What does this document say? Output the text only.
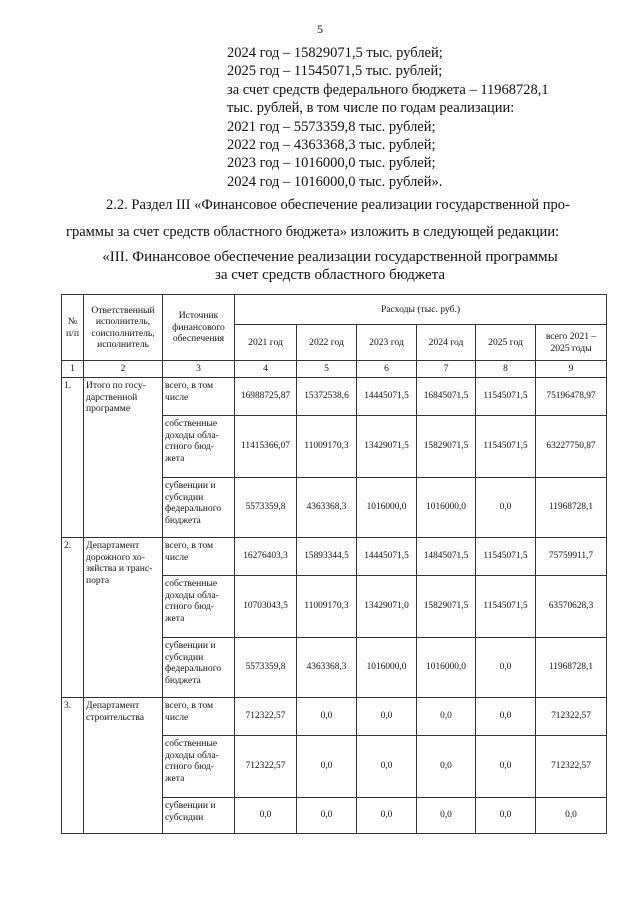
5
2024 год – 15829071,5 тыс. рублей;
2025 год – 11545071,5 тыс. рублей;
за счет средств федерального бюджета – 11968728,1
тыс. рублей, в том числе по годам реализации:
2021 год – 5573359,8 тыс. рублей;
2022 год – 4363368,3 тыс. рублей;
2023 год – 1016000,0 тыс. рублей;
2024 год – 1016000,0 тыс. рублей».
2.2. Раздел III «Финансовое обеспечение реализации государственной про-
граммы за счет средств областного бюджета» изложить в следующей редакции:
«III. Финансовое обеспечение реализации государственной программы
за счет средств областного бюджета
№ п/п	Ответственный исполнитель, соисполнитель, исполнитель	Источник финансового обеспечения	Расходы (тыс. руб.)					
			2021 год	2022 год	2023 год	2024 год	2025 год	всего 2021 – 2025 годы
1	2	3	4	5	6	7	8	9
1.	Итого по госу-дарственной программе	всего, в том числе	16988725,87	15372538,6	14445071,5	16845071,5	11545071,5	75196478,97
		собственные доходы обла-стного бюд-жета	11415366,07	11009170,3	13429071,5	15829071,5	11545071,5	63227750,87
		субвенции и субсидии федерального бюджета	5573359,8	4363368,3	1016000,0	1016000,0	0,0	11968728,1
2.	Департамент дорожного хо-зяйства и транс-порта	всего, в том числе	16276403,3	15893344,5	14445071,5	14845071,5	11545071,5	75759911,7
		собственные доходы обла-стного бюд-жета	10703043,5	11009170,3	13429071,0	15829071,5	11545071,5	63570628,3
		субвенции и субсидии федерального бюджета	5573359,8	4363368,3	1016000,0	1016000,0	0,0	11968728,1
3.	Департамент строительства	всего, в том числе	712322,57	0,0	0,0	0,0	0,0	712322,57
		собственные доходы обла-стного бюд-жета	712322,57	0,0	0,0	0,0	0,0	712322,57
		субвенции и субсидии	0,0	0,0	0,0	0,0	0,0	0,0
